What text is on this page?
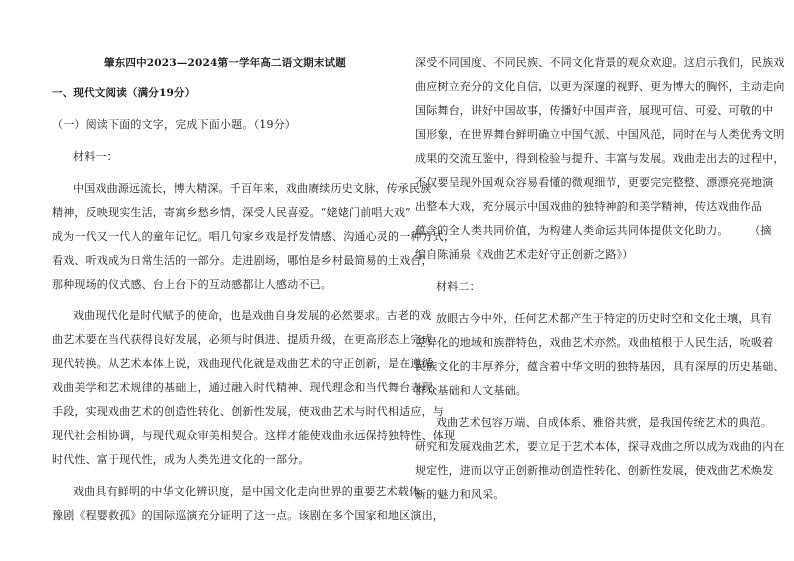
肇东四中2023—2024第一学年高二语文期末试题
一、现代文阅读（满分19分）
（一）阅读下面的文字，完成下面小题。（19分）
材料一：
中国戏曲源远流长，博大精深。千百年来，戏曲赓续历史文脉，传承民族
精神，反映现实生活，寄寓乡愁乡情，深受人民喜爱。“姥姥门前唱大戏”
成为一代又一代人的童年记忆。唱几句家乡戏是抒发情感、沟通心灵的一种方式，
看戏、听戏成为日常生活的一部分。走进剧场，哪怕是乡村最简易的土戏台，
那种现场的仪式感、台上台下的互动感都让人感动不已。
戏曲现代化是时代赋予的使命，也是戏曲自身发展的必然要求。古老的戏
曲艺术要在当代获得良好发展，必须与时俱进、提质升级，在更高形态上完成
现代转换。从艺术本体上说，戏曲现代化就是戏曲艺术的守正创新，是在遵循
戏曲美学和艺术规律的基础上，通过融入时代精神、现代理念和当代舞台表现
手段，实现戏曲艺术的创造性转化、创新性发展，使戏曲艺术与时代相适应，与
现代社会相协调，与现代观众审美相契合。这样才能使戏曲永远保持独特性、体现
时代性、富于现代性，成为人类先进文化的一部分。
戏曲具有鲜明的中华文化辨识度，是中国文化走向世界的重要艺术载体。
豫剧《程婴救孤》的国际巡演充分证明了这一点。该剧在多个国家和地区演出，
深受不同国度、不同民族、不同文化背景的观众欢迎。这启示我们，民族戏
曲应树立充分的文化自信，以更为深邃的视野、更为博大的胸怀，主动走向
国际舞台，讲好中国故事，传播好中国声音，展现可信、可爱、可敬的中
国形象，在世界舞台鲜明确立中国气派、中国风范，同时在与人类优秀文明
成果的交流互鉴中，得到检验与提升、丰富与发展。戏曲走出去的过程中，
不仅要呈现外国观众容易看懂的微观细节，更要完完整整、漂漂亮亮地演
出整本大戏，充分展示中国戏曲的独特神韵和美学精神，传达戏曲作品
蕴含的全人类共同价值，为构建人类命运共同体提供文化助力。 　　（摘
编自陈涌泉《戏曲艺术走好守正创新之路》）
材料二：
放眼古今中外，任何艺术都产生于特定的历史时空和文化土壤，具有
差异化的地域和族群特色，戏曲艺术亦然。戏曲植根于人民生活，吮吸着
民族文化的丰厚养分，蕴含着中华文明的独特基因，具有深厚的历史基础、
群众基础和人文基础。
戏曲艺术包容万端、自成体系、雅俗共赏，是我国传统艺术的典范。
研究和发展戏曲艺术，要立足于艺术本体，探寻戏曲之所以成为戏曲的内在
规定性，进而以守正创新推动创造性转化、创新性发展，使戏曲艺术焕发
新的魅力和风采。
